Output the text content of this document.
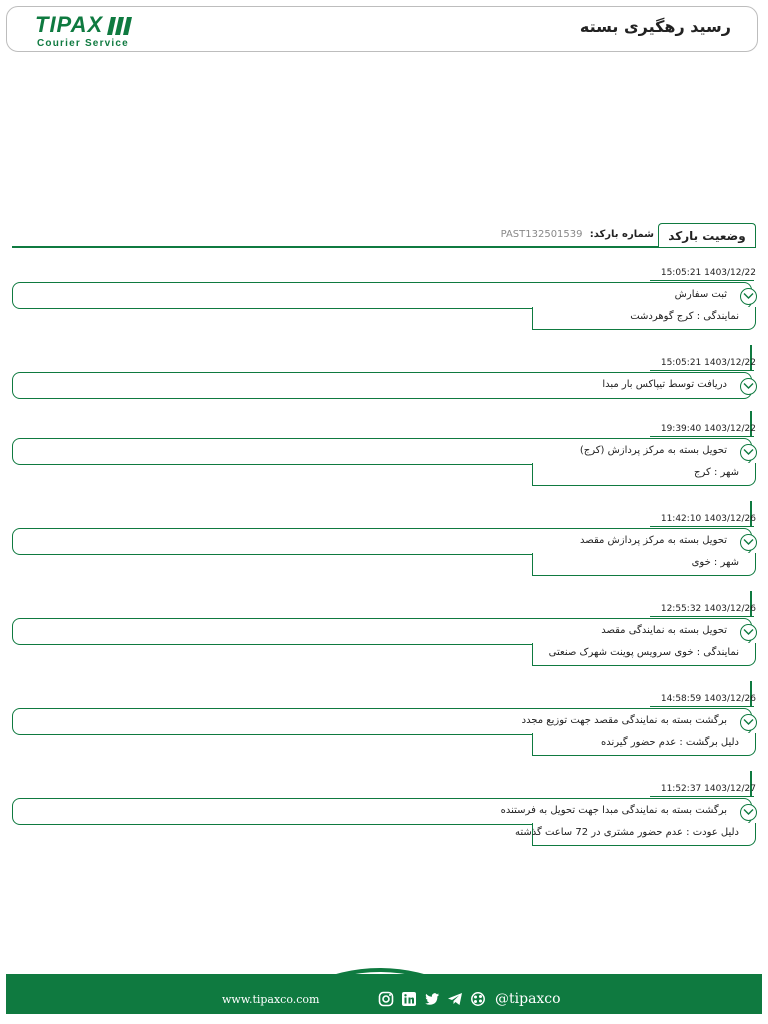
TIPAX
Courier Service
رسید رهگیری بسته
وضعیت بارکد
شماره بارکد: PAST132501539
15:05:21 1403/12/22
ثبت سفارش
نمایندگی : کرج گوهردشت
15:05:21 1403/12/22
دریافت توسط تیپاکس بار مبدا
19:39:40 1403/12/22
تحویل بسته به مرکز پردازش (کرج)
شهر : کرج
11:42:10 1403/12/26
تحویل بسته به مرکز پردازش مقصد
شهر : خوی
12:55:32 1403/12/26
تحویل بسته به نمایندگی مقصد
نمایندگی : خوی سرویس پوینت شهرک صنعتی
14:58:59 1403/12/26
برگشت بسته به نمایندگی مقصد جهت توزیع مجدد
دلیل برگشت : عدم حضور گیرنده
11:52:37 1403/12/27
برگشت بسته به نمایندگی مبدا جهت تحویل به فرستنده
دلیل عودت : عدم حضور مشتری در 72 ساعت گذشته
www.tipaxco.com	@tipaxco
